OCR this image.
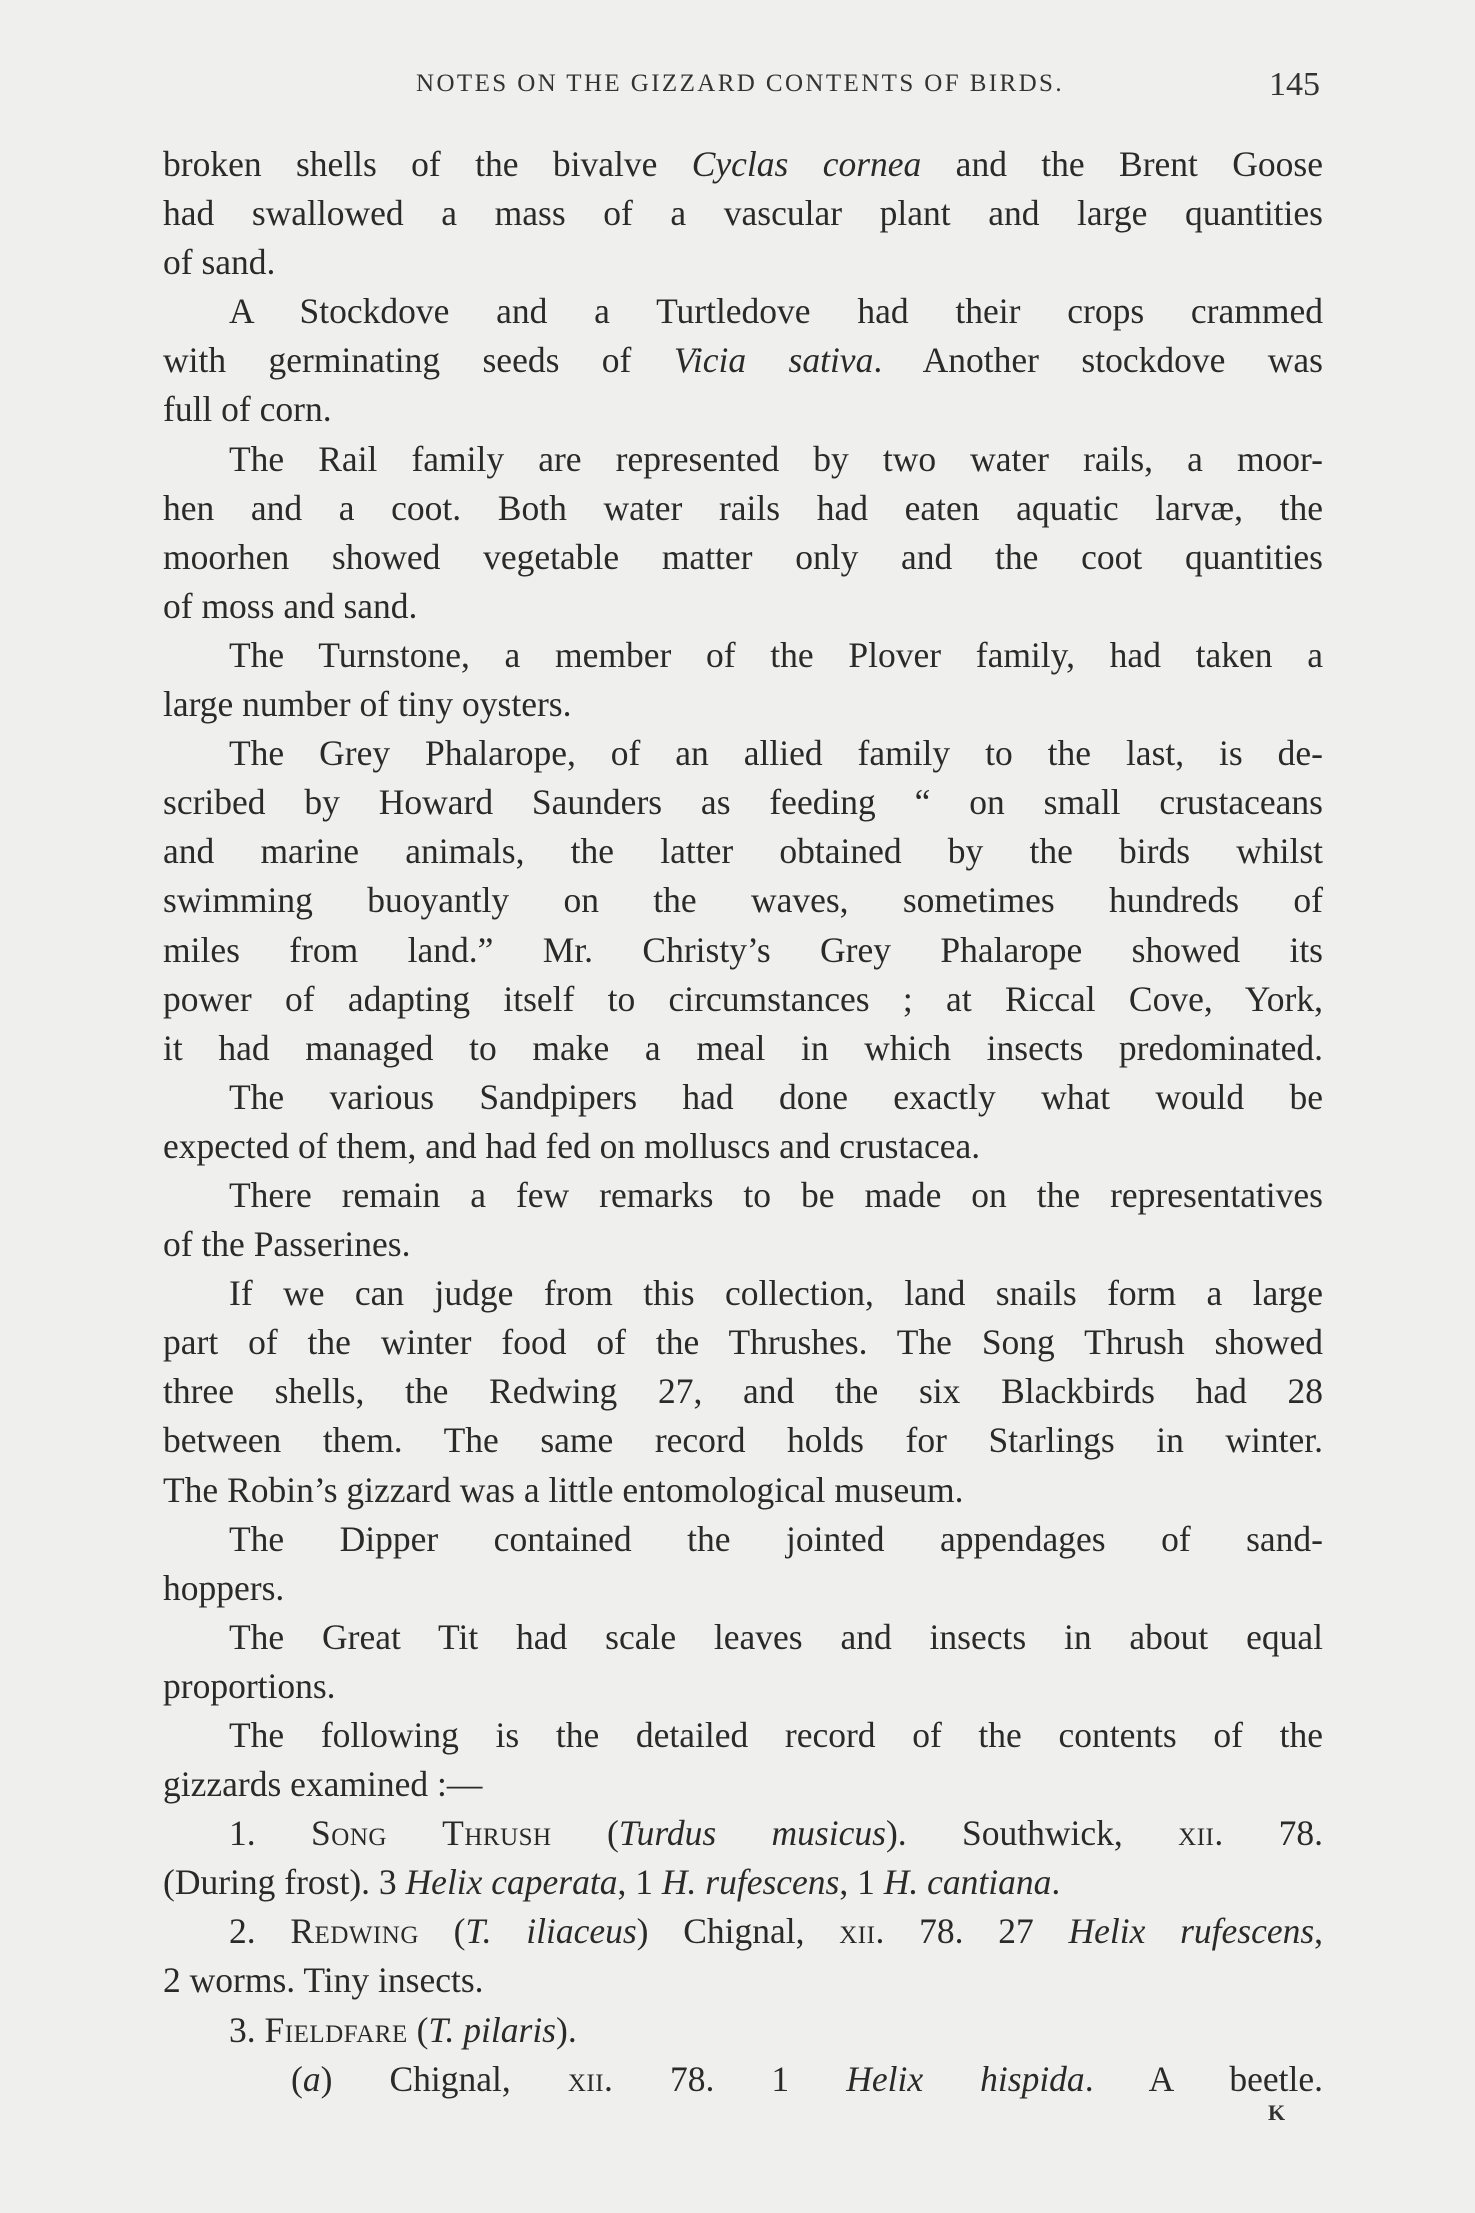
NOTES ON THE GIZZARD CONTENTS OF BIRDS.	145
broken shells of the bivalve Cyclas cornea and the Brent Goose
had swallowed a mass of a vascular plant and large quantities
of sand.
A Stockdove and a Turtledove had their crops crammed
with germinating seeds of Vicia sativa. Another stockdove was
full of corn.
The Rail family are represented by two water rails, a moor-
hen and a coot. Both water rails had eaten aquatic larvæ, the
moorhen showed vegetable matter only and the coot quantities
of moss and sand.
The Turnstone, a member of the Plover family, had taken a
large number of tiny oysters.
The Grey Phalarope, of an allied family to the last, is de-
scribed by Howard Saunders as feeding “ on small crustaceans
and marine animals, the latter obtained by the birds whilst
swimming buoyantly on the waves, sometimes hundreds of
miles from land.” Mr. Christy’s Grey Phalarope showed its
power of adapting itself to circumstances ; at Riccal Cove, York,
it had managed to make a meal in which insects predominated.
The various Sandpipers had done exactly what would be
expected of them, and had fed on molluscs and crustacea.
There remain a few remarks to be made on the representatives
of the Passerines.
If we can judge from this collection, land snails form a large
part of the winter food of the Thrushes. The Song Thrush showed
three shells, the Redwing 27, and the six Blackbirds had 28
between them. The same record holds for Starlings in winter.
The Robin’s gizzard was a little entomological museum.
The Dipper contained the jointed appendages of sand-
hoppers.
The Great Tit had scale leaves and insects in about equal
proportions.
The following is the detailed record of the contents of the
gizzards examined :—
1. Song Thrush (Turdus musicus). Southwick, xii. 78.
(During frost). 3 Helix caperata, 1 H. rufescens, 1 H. cantiana.
2. Redwing (T. iliaceus) Chignal, xii. 78. 27 Helix rufescens,
2 worms. Tiny insects.
3. Fieldfare (T. pilaris).
(a) Chignal, xii. 78. 1 Helix hispida. A beetle.
K
